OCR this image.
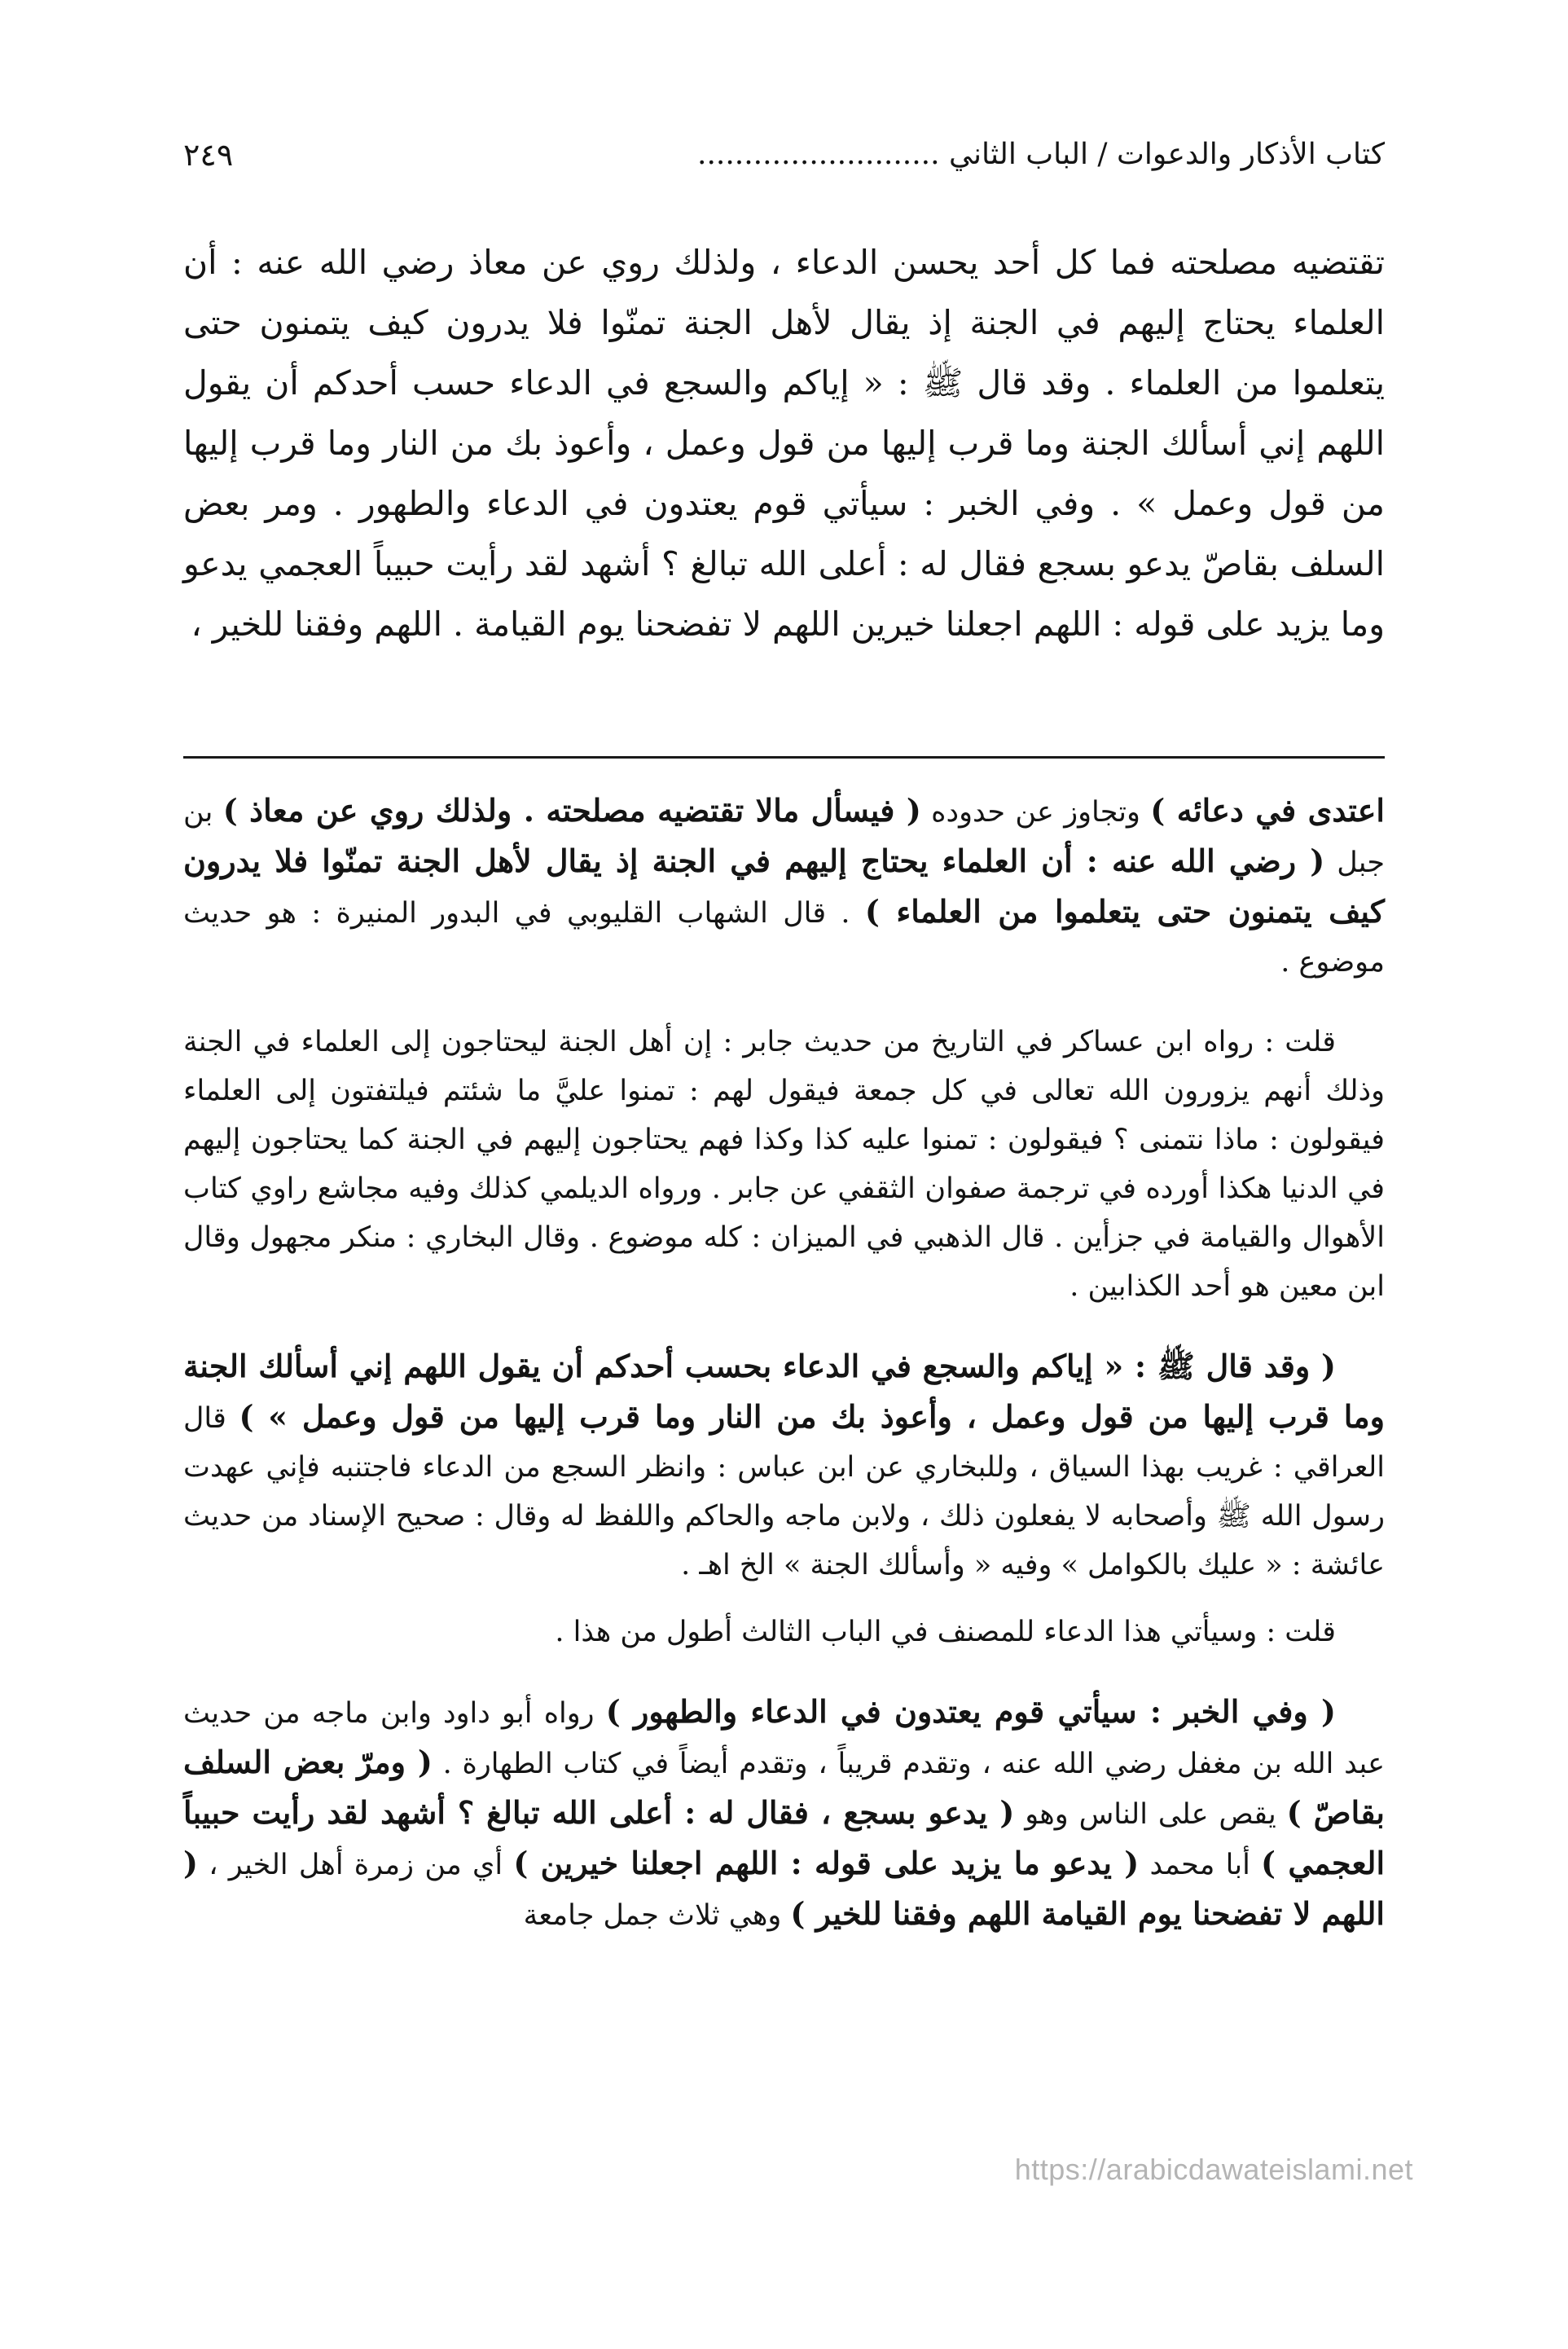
كتاب الأذكار والدعوات / الباب الثاني ..........................
٢٤٩

تقتضيه مصلحته فما كل أحد يحسن الدعاء ، ولذلك روي عن معاذ رضي الله عنه : أن العلماء يحتاج إليهم في الجنة إذ يقال لأهل الجنة تمنّوا فلا يدرون كيف يتمنون حتى يتعلموا من العلماء . وقد قال ﷺ : « إياكم والسجع في الدعاء حسب أحدكم أن يقول اللهم إني أسألك الجنة وما قرب إليها من قول وعمل ، وأعوذ بك من النار وما قرب إليها من قول وعمل » . وفي الخبر : سيأتي قوم يعتدون في الدعاء والطهور . ومر بعض السلف بقاصّ يدعو بسجع فقال له : أعلى الله تبالغ ؟ أشهد لقد رأيت حبيباً العجمي يدعو وما يزيد على قوله : اللهم اجعلنا خيرين اللهم لا تفضحنا يوم القيامة . اللهم وفقنا للخير ،

اعتدى في دعائه ) وتجاوز عن حدوده ( فيسأل مالا تقتضيه مصلحته . ولذلك روي عن معاذ ) بن جبل ( رضي الله عنه : أن العلماء يحتاج إليهم في الجنة إذ يقال لأهل الجنة تمنّوا فلا يدرون كيف يتمنون حتى يتعلموا من العلماء ) . قال الشهاب القليوبي في البدور المنيرة : هو حديث موضوع .

قلت : رواه ابن عساكر في التاريخ من حديث جابر : إن أهل الجنة ليحتاجون إلى العلماء في الجنة وذلك أنهم يزورون الله تعالى في كل جمعة فيقول لهم : تمنوا عليَّ ما شئتم فيلتفتون إلى العلماء فيقولون : ماذا نتمنى ؟ فيقولون : تمنوا عليه كذا وكذا فهم يحتاجون إليهم في الجنة كما يحتاجون إليهم في الدنيا هكذا أورده في ترجمة صفوان الثقفي عن جابر . ورواه الديلمي كذلك وفيه مجاشع راوي كتاب الأهوال والقيامة في جزأين . قال الذهبي في الميزان : كله موضوع . وقال البخاري : منكر مجهول وقال ابن معين هو أحد الكذابين .

( وقد قال ﷺ : « إياكم والسجع في الدعاء بحسب أحدكم أن يقول اللهم إني أسألك الجنة وما قرب إليها من قول وعمل ، وأعوذ بك من النار وما قرب إليها من قول وعمل » ) قال العراقي : غريب بهذا السياق ، وللبخاري عن ابن عباس : وانظر السجع من الدعاء فاجتنبه فإني عهدت رسول الله ﷺ وأصحابه لا يفعلون ذلك ، ولابن ماجه والحاكم واللفظ له وقال : صحيح الإسناد من حديث عائشة : « عليك بالكوامل » وفيه « وأسألك الجنة » الخ اهـ .

قلت : وسيأتي هذا الدعاء للمصنف في الباب الثالث أطول من هذا .

( وفي الخبر : سيأتي قوم يعتدون في الدعاء والطهور ) رواه أبو داود وابن ماجه من حديث عبد الله بن مغفل رضي الله عنه ، وتقدم قريباً ، وتقدم أيضاً في كتاب الطهارة . ( ومرّ بعض السلف بقاصّ ) يقص على الناس وهو ( يدعو بسجع ، فقال له : أعلى الله تبالغ ؟ أشهد لقد رأيت حبيباً العجمي ) أبا محمد ( يدعو ما يزيد على قوله : اللهم اجعلنا خيرين ) أي من زمرة أهل الخير ، ( اللهم لا تفضحنا يوم القيامة اللهم وفقنا للخير ) وهي ثلاث جمل جامعة

https://arabicdawateislami.net
